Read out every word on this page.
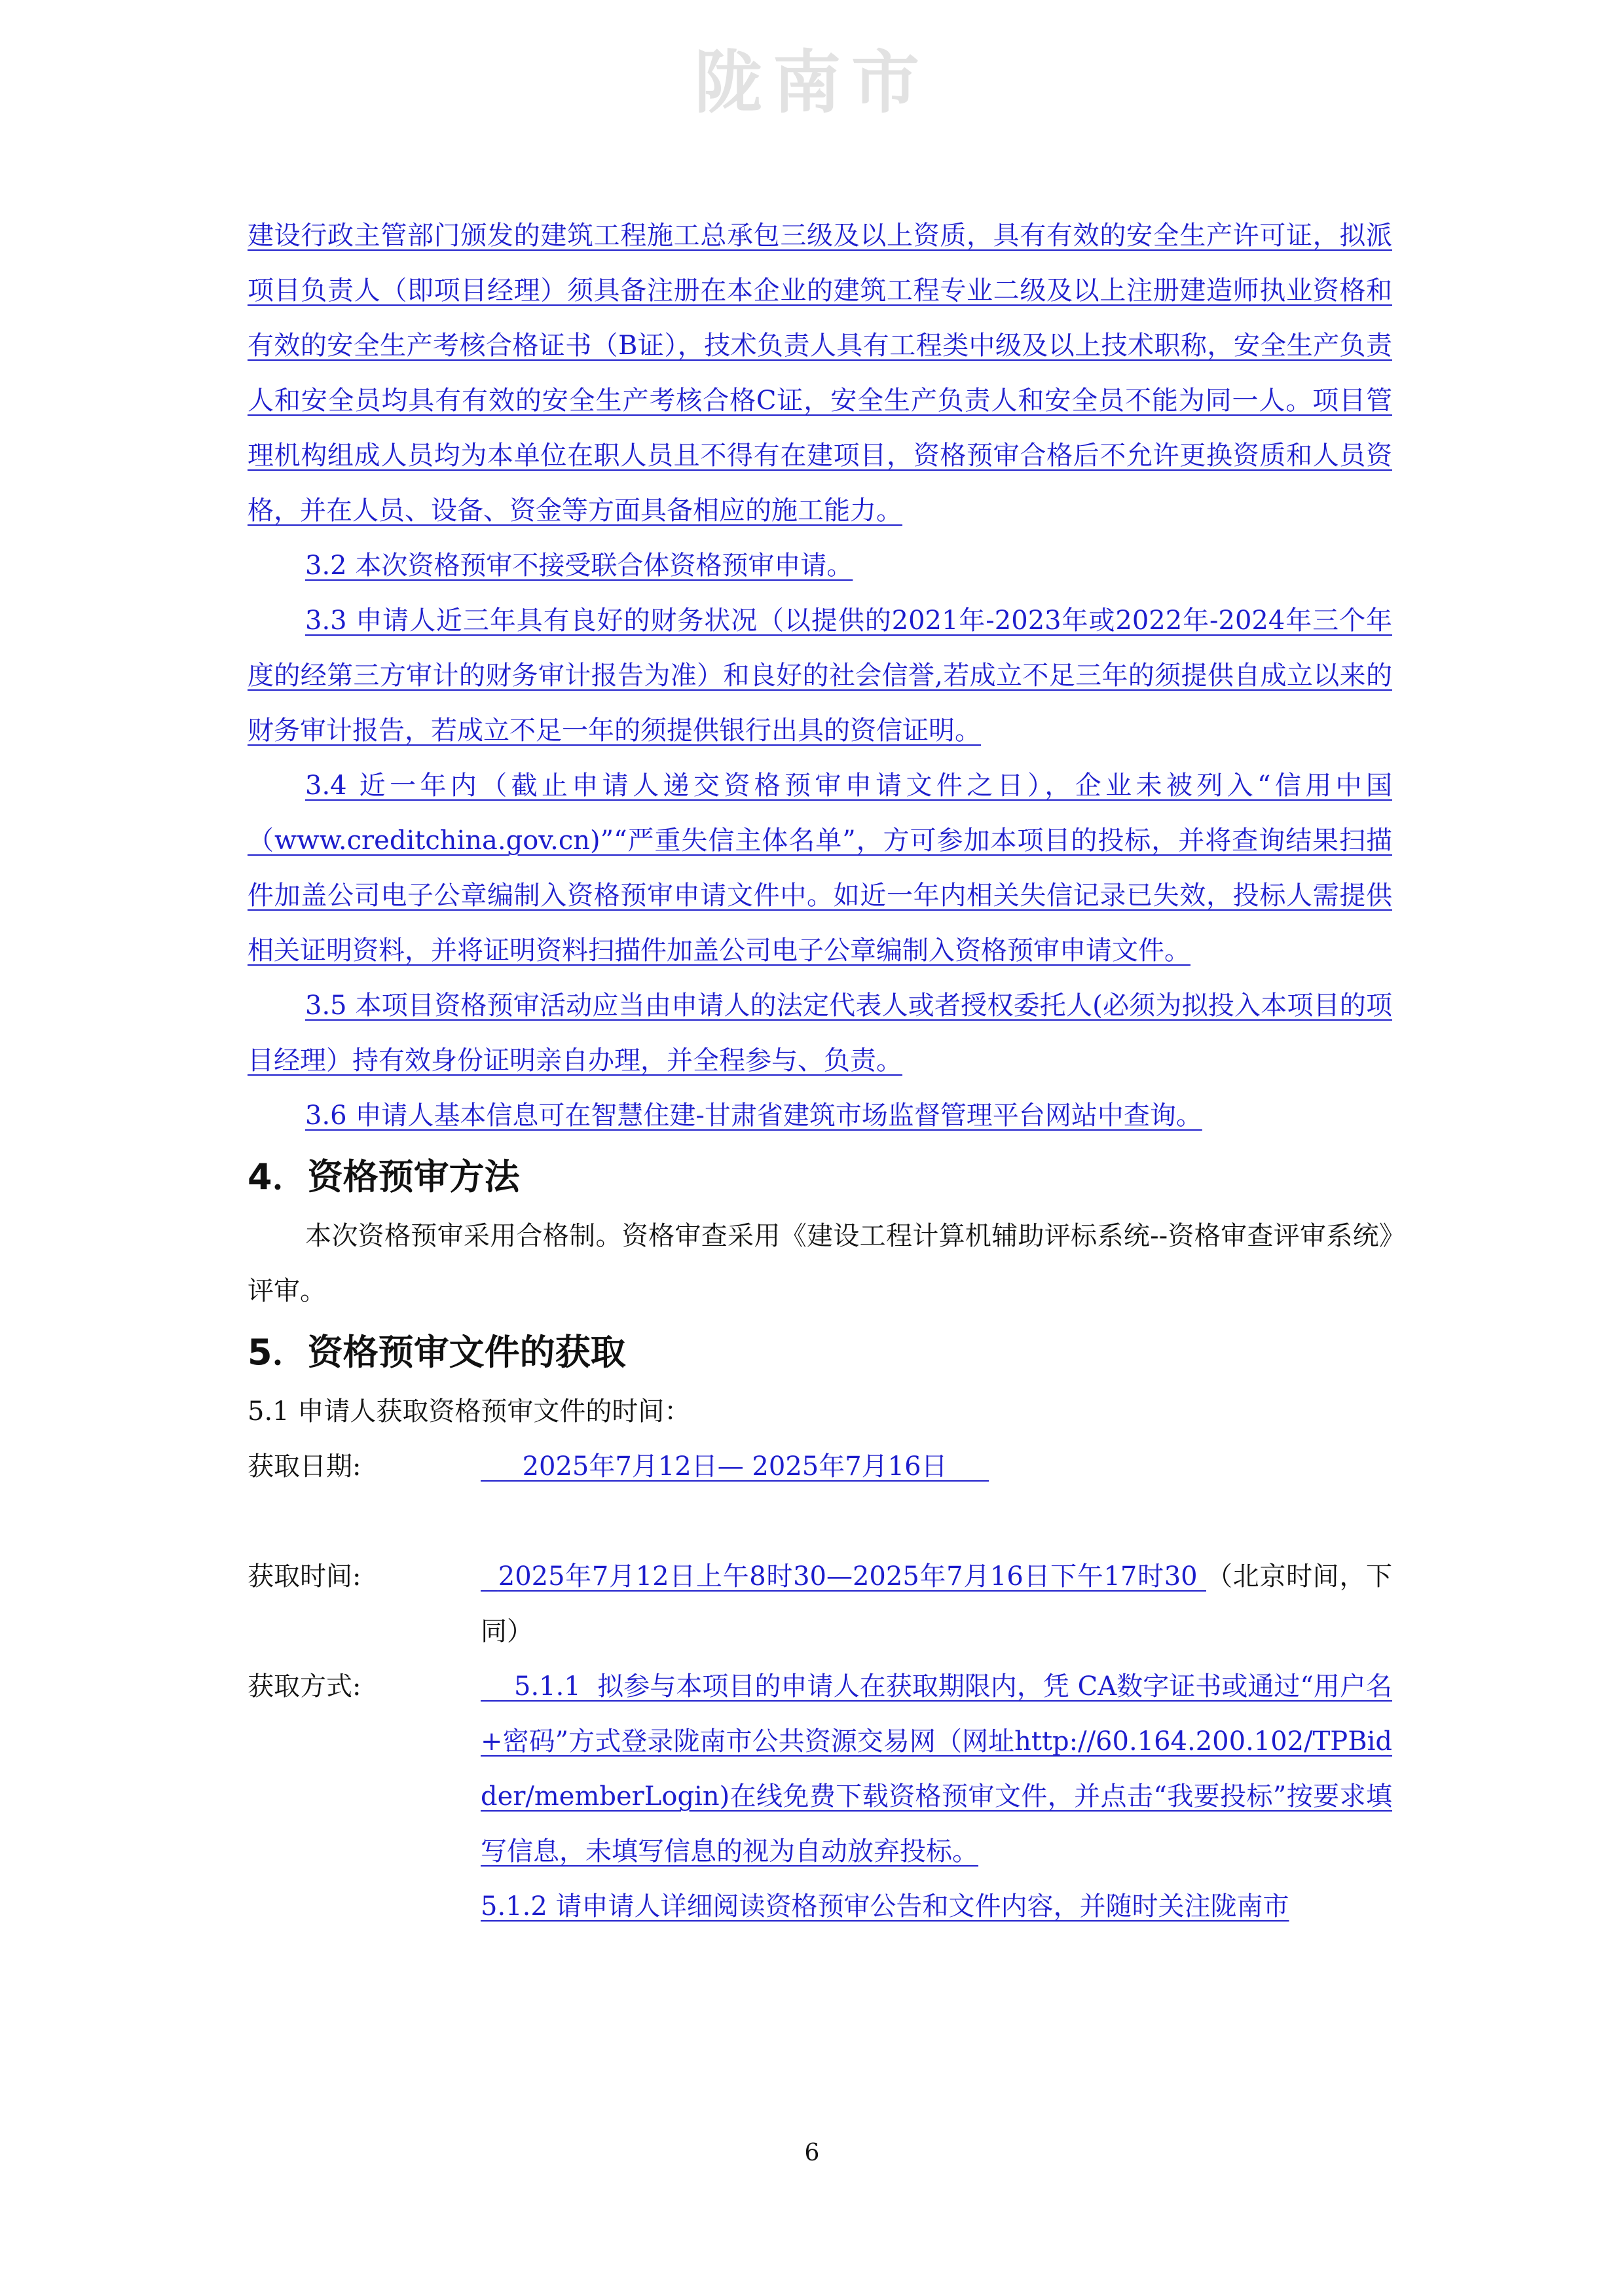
陇南市

建设行政主管部门颁发的建筑工程施工总承包三级及以上资质，具有有效的安全生产许可证，拟派项目负责人（即项目经理）须具备注册在本企业的建筑工程专业二级及以上注册建造师执业资格和有效的安全生产考核合格证书（B证），技术负责人具有工程类中级及以上技术职称，安全生产负责人和安全员均具有有效的安全生产考核合格C证，安全生产负责人和安全员不能为同一人。项目管理机构组成人员均为本单位在职人员且不得有在建项目，资格预审合格后不允许更换资质和人员资格，并在人员、设备、资金等方面具备相应的施工能力。

3.2 本次资格预审不接受联合体资格预审申请。

3.3 申请人近三年具有良好的财务状况（以提供的2021年-2023年或2022年-2024年三个年度的经第三方审计的财务审计报告为准）和良好的社会信誉,若成立不足三年的须提供自成立以来的财务审计报告，若成立不足一年的须提供银行出具的资信证明。

3.4 近一年内（截止申请人递交资格预审申请文件之日），企业未被列入“信用中国（www.creditchina.gov.cn)”“严重失信主体名单”，方可参加本项目的投标，并将查询结果扫描件加盖公司电子公章编制入资格预审申请文件中。如近一年内相关失信记录已失效，投标人需提供相关证明资料，并将证明资料扫描件加盖公司电子公章编制入资格预审申请文件。

3.5 本项目资格预审活动应当由申请人的法定代表人或者授权委托人(必须为拟投入本项目的项目经理）持有效身份证明亲自办理，并全程参与、负责。

3.6 申请人基本信息可在智慧住建-甘肃省建筑市场监督管理平台网站中查询。

4．资格预审方法

本次资格预审采用合格制。资格审查采用《建设工程计算机辅助评标系统--资格审查评审系统》评审。

5．资格预审文件的获取

5.1 申请人获取资格预审文件的时间：

获取日期:	2025年7月12日— 2025年7月16日
获取时间:	2025年7月12日上午8时30—2025年7月16日下午17时30 （北京时间，下同）
获取方式:	5.1.1  拟参与本项目的申请人在获取期限内，凭 CA数字证书或通过“用户名+密码”方式登录陇南市公共资源交易网（网址http://60.164.200.102/TPBidder/memberLogin)在线免费下载资格预审文件，并点击“我要投标”按要求填写信息，未填写信息的视为自动放弃投标。
5.1.2 请申请人详细阅读资格预审公告和文件内容，并随时关注陇南市
6
